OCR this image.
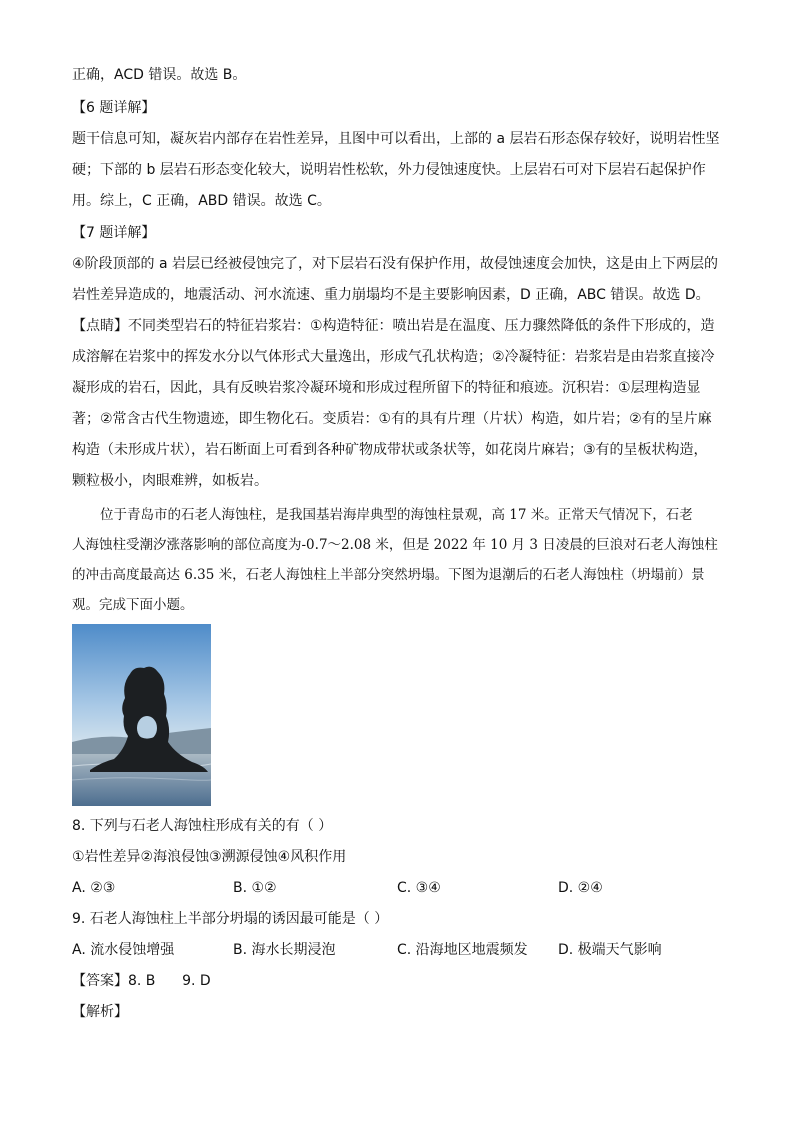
正确，ACD 错误。故选 B。

【6 题详解】
题干信息可知，凝灰岩内部存在岩性差异，且图中可以看出，上部的 a 层岩石形态保存较好，说明岩性坚
硬；下部的 b 层岩石形态变化较大，说明岩性松软，外力侵蚀速度快。上层岩石可对下层岩石起保护作
用。综上，C 正确，ABD 错误。故选 C。

【7 题详解】
④阶段顶部的 a 岩层已经被侵蚀完了，对下层岩石没有保护作用，故侵蚀速度会加快，这是由上下两层的
岩性差异造成的，地震活动、河水流速、重力崩塌均不是主要影响因素，D 正确，ABC 错误。故选 D。

【点睛】不同类型岩石的特征岩浆岩：①构造特征：喷出岩是在温度、压力骤然降低的条件下形成的，造
成溶解在岩浆中的挥发水分以气体形式大量逸出，形成气孔状构造；②冷凝特征：岩浆岩是由岩浆直接冷
凝形成的岩石，因此，具有反映岩浆冷凝环境和形成过程所留下的特征和痕迹。沉积岩：①层理构造显
著；②常含古代生物遗迹，即生物化石。变质岩：①有的具有片理（片状）构造，如片岩；②有的呈片麻
构造（未形成片状），岩石断面上可看到各种矿物成带状或条状等，如花岗片麻岩；③有的呈板状构造，
颗粒极小，肉眼难辨，如板岩。

位于青岛市的石老人海蚀柱，是我国基岩海岸典型的海蚀柱景观，高 17 米。正常天气情况下，石老
人海蚀柱受潮汐涨落影响的部位高度为-0.7～2.08 米，但是 2022 年 10 月 3 日凌晨的巨浪对石老人海蚀柱
的冲击高度最高达 6.35 米，石老人海蚀柱上半部分突然坍塌。下图为退潮后的石老人海蚀柱（坍塌前）景
观。完成下面小题。

8. 下列与石老人海蚀柱形成有关的有（ ）
①岩性差异②海浪侵蚀③溯源侵蚀④风积作用

A. ②③	B. ①②	C. ③④	D. ②④

9. 石老人海蚀柱上半部分坍塌的诱因最可能是（ ）

A. 流水侵蚀增强	B. 海水长期浸泡	C. 沿海地区地震频发 D. 极端天气影响

【答案】8. B      9. D
【解析】
